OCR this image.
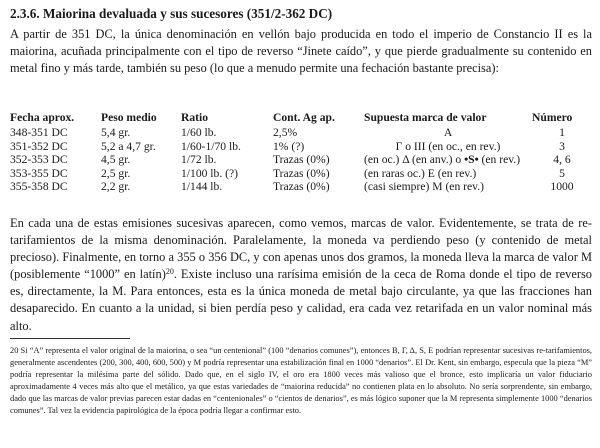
2.3.6. Maiorina devaluada y sus sucesores (351/2-362 DC)
A partir de 351 DC, la única denominación en vellón bajo producida en todo el imperio de Constancio II es la maiorina, acuñada principalmente con el tipo de reverso “Jinete caído”, y que pierde gradualmente su contenido en metal fino y más tarde, también su peso (lo que a menudo permite una fechación bastante precisa):
Fecha aprox.	Peso medio	Ratio	Cont. Ag ap.	Supuesta marca de valor	Número
348-351 DC	5,4 gr.	1/60 lb.	2,5%	A	1
351-352 DC	5,2 a 4,7 gr.	1/60-1/70 lb.	1% (?)	Γ o III (en oc., en rev.)	3
352-353 DC	4,5 gr.	1/72 lb.	Trazas (0%)	(en oc.) Δ (en anv.) o •S• (en rev.)	4, 6
353-355 DC	2,5 gr.	1/100 lb. (?)	Trazas (0%)	(en raras oc.) E (en rev.)	5
355-358 DC	2,2 gr.	1/144 lb.	Trazas (0%)	(casi siempre) M (en rev.)	1000
En cada una de estas emisiones sucesivas aparecen, como vemos, marcas de valor. Evidentemente, se trata de re-tarifamientos de la misma denominación. Paralelamente, la moneda va perdiendo peso (y contenido de metal precioso). Finalmente, en torno a 355 o 356 DC, y con apenas unos dos gramos, la moneda lleva la marca de valor M (posiblemente “1000” en latín)$^{20}$. Existe incluso una rarísima emisión de la ceca de Roma donde el tipo de reverso es, directamente, la M. Para entonces, esta es la única moneda de metal bajo circulante, ya que las fracciones han desaparecido. En cuanto a la unidad, si bien perdía peso y calidad, era cada vez retarifada en un valor nominal más alto.
20 Si “A” representa el valor original de la maiorina, o sea “un centenional” (100 “denarios comunes”), entonces B, Γ, Δ, S, E podrían representar sucesivas re-tarifamientos, generalmente ascendentes (200, 300, 400, 600, 500) y M podría representar una estabilización final en 1000 “denarios”. El Dr. Kent, sin embargo, especula que la pieza “M” podría representar la milésima parte del sólido. Dado que, en el siglo IV, el oro era 1800 veces más valioso que el bronce, esto implicaría un valor fiduciario aproximadamente 4 veces más alto que el metálico, ya que estas variedades de “maiorina reducida” no contienen plata en lo absoluto. No sería sorprendente, sin embargo, dado que las marcas de valor previas parecen estar dadas en “centenionales” o “cientos de denarios”, es más lógico suponer que la M representa simplemente 1000 “denarios comunes”. Tal vez la evidencia papirológica de la época podría llegar a confirmar esto.
